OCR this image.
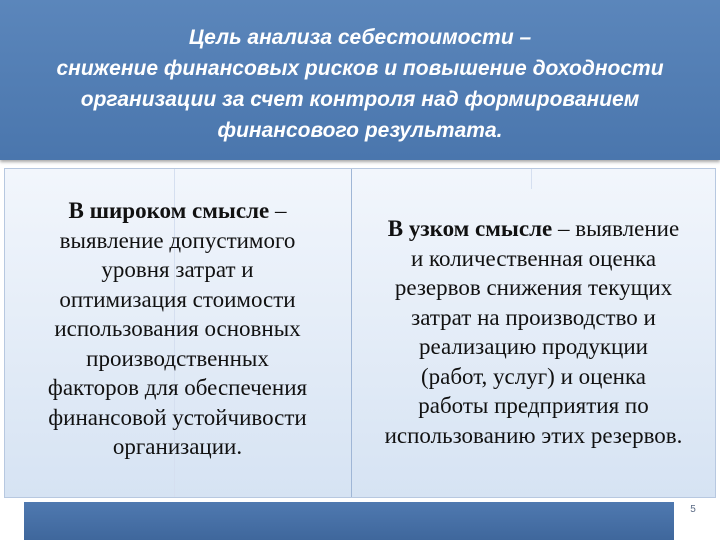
Цель анализа себестоимости –
снижение финансовых рисков и повышение доходности
организации за счет контроля над формированием
финансового результата.
В широком смысле –
выявление допустимого
уровня затрат и
оптимизация стоимости
использования основных
производственных
факторов для обеспечения
финансовой устойчивости
организации.
В узком смысле – выявление
и количественная оценка
резервов снижения текущих
затрат на производство и
реализацию продукции
(работ, услуг) и оценка
работы предприятия по
использованию этих резервов.
5
